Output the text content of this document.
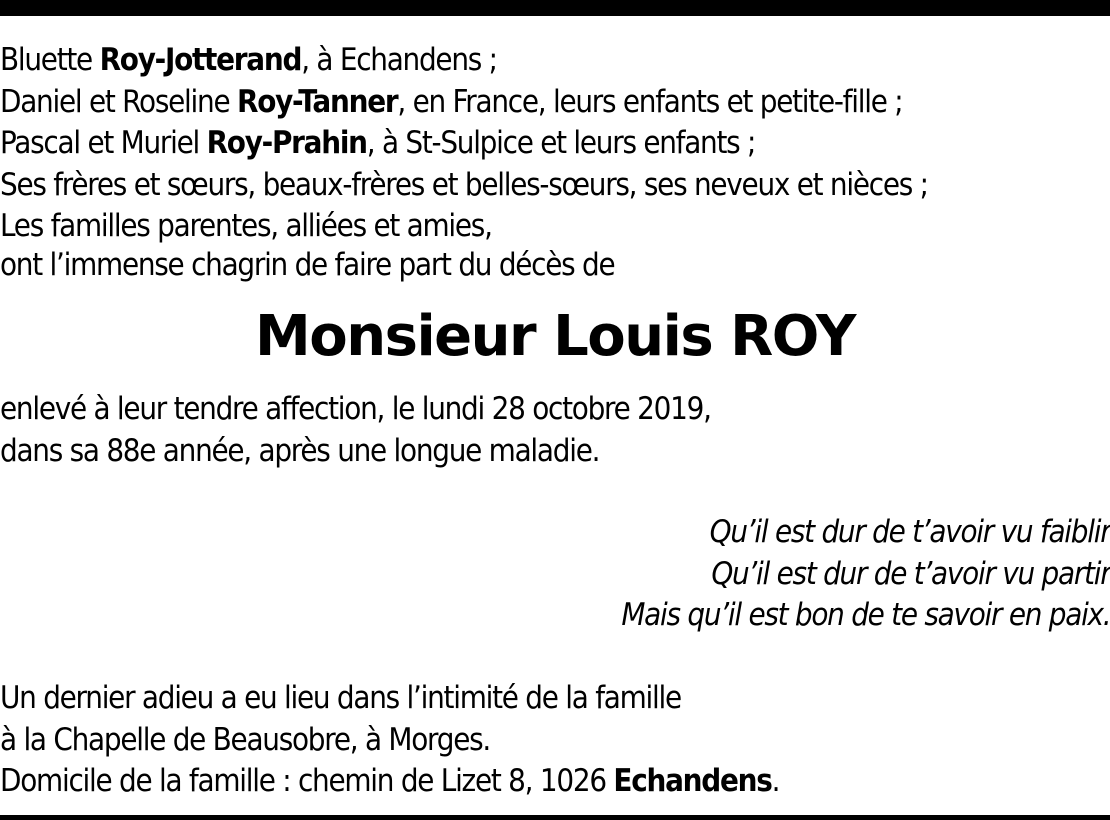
Bluette Roy-Jotterand, à Echandens ;
Daniel et Roseline Roy-Tanner, en France, leurs enfants et petite-fille ;
Pascal et Muriel Roy-Prahin, à St-Sulpice et leurs enfants ;
Ses frères et sœurs, beaux-frères et belles-sœurs, ses neveux et nièces ;
Les familles parentes, alliées et amies,
ont l’immense chagrin de faire part du décès de
Monsieur Louis ROY
enlevé à leur tendre affection, le lundi 28 octobre 2019,
dans sa 88e année, après une longue maladie.
Qu’il est dur de t’avoir vu faiblir
Qu’il est dur de t’avoir vu partir
Mais qu’il est bon de te savoir en paix.
Un dernier adieu a eu lieu dans l’intimité de la famille
à la Chapelle de Beausobre, à Morges.
Domicile de la famille : chemin de Lizet 8, 1026 Echandens.
